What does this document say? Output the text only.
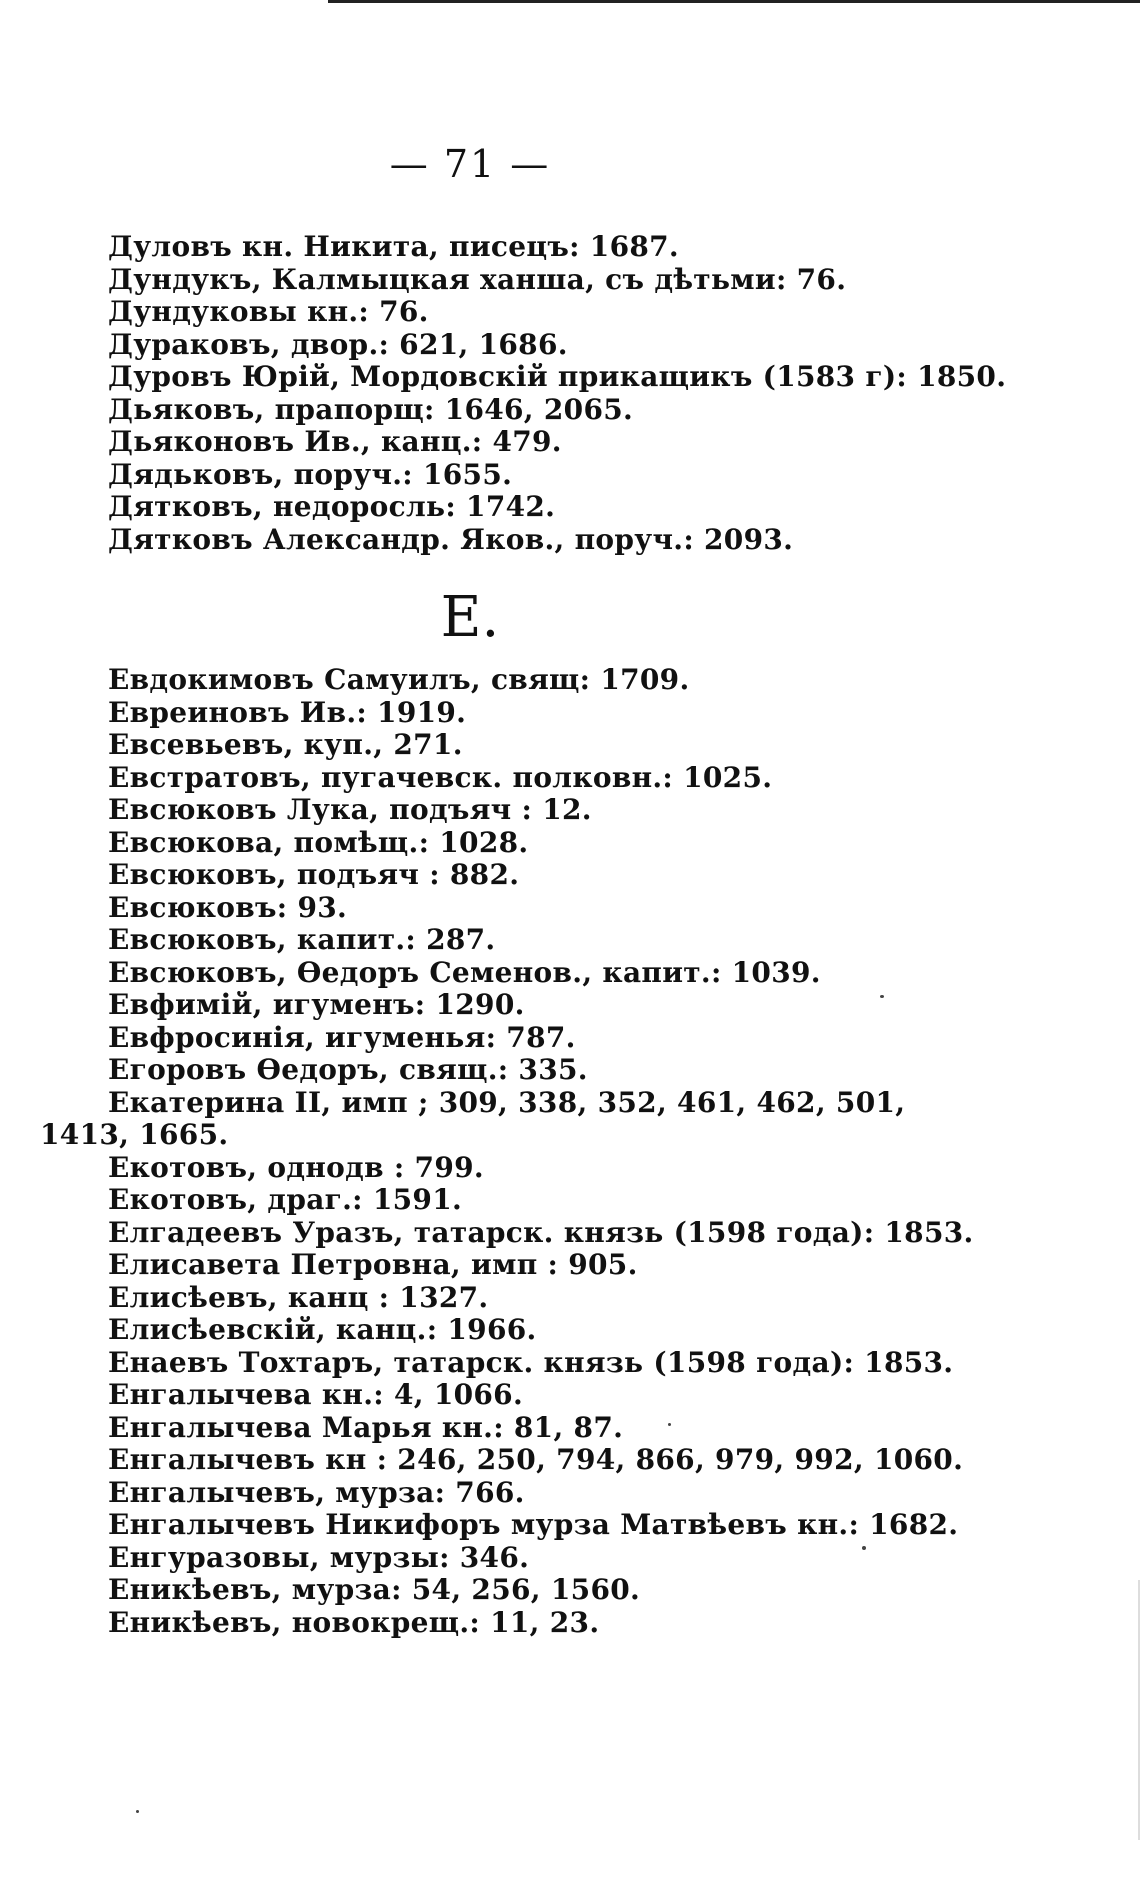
— 71 —
Дуловъ кн. Никита, писецъ: 1687.
Дундукъ, Калмыцкая ханша, съ дѣтьми: 76.
Дундуковы кн.: 76.
Дураковъ, двор.: 621, 1686.
Дуровъ Юрій, Мордовскій прикащикъ (1583 г): 1850.
Дьяковъ, прапорщ: 1646, 2065.
Дьяконовъ Ив., канц.: 479.
Дядьковъ, поруч.: 1655.
Дятковъ, недоросль: 1742.
Дятковъ Александр. Яков., поруч.: 2093.
Е.
Евдокимовъ Самуилъ, свящ: 1709.
Евреиновъ Ив.: 1919.
Евсевьевъ, куп., 271.
Евстратовъ, пугачевск. полковн.: 1025.
Евсюковъ Лука, подъяч : 12.
Евсюкова, помѣщ.: 1028.
Евсюковъ, подъяч : 882.
Евсюковъ: 93.
Евсюковъ, капит.: 287.
Евсюковъ, Өедоръ Семенов., капит.: 1039.
Евфимій, игуменъ: 1290.
Евфросинія, игуменья: 787.
Егоровъ Өедоръ, свящ.: 335.
Екатерина II, имп ; 309, 338, 352, 461, 462, 501,
1413, 1665.
Екотовъ, однодв : 799.
Екотовъ, драг.: 1591.
Елгадеевъ Уразъ, татарск. князь (1598 года): 1853.
Елисавета Петровна, имп : 905.
Елисѣевъ, канц : 1327.
Елисѣевскій, канц.: 1966.
Енаевъ Тохтаръ, татарск. князь (1598 года): 1853.
Енгалычева кн.: 4, 1066.
Енгалычева Марья кн.: 81, 87.
Енгалычевъ кн : 246, 250, 794, 866, 979, 992, 1060.
Енгалычевъ, мурза: 766.
Енгалычевъ Никифоръ мурза Матвѣевъ кн.: 1682.
Енгуразовы, мурзы: 346.
Еникѣевъ, мурза: 54, 256, 1560.
Еникѣевъ, новокрещ.: 11, 23.
